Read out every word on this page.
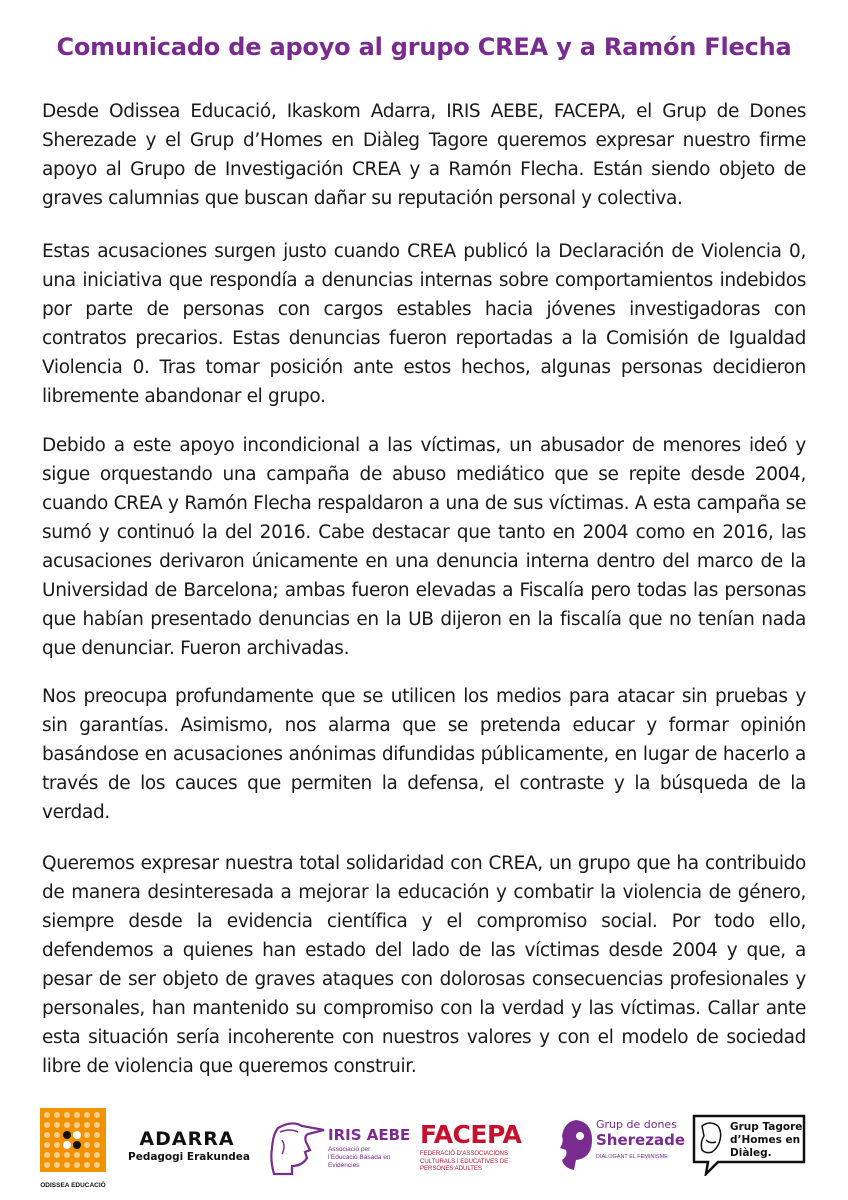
Comunicado de apoyo al grupo CREA y a Ramón Flecha

Desde Odissea Educació, Ikaskom Adarra, IRIS AEBE, FACEPA, el Grup de Dones Sherezade y el Grup d’Homes en Diàleg Tagore queremos expresar nuestro firme apoyo al Grupo de Investigación CREA y a Ramón Flecha. Están siendo objeto de graves calumnias que buscan dañar su reputación personal y colectiva.

Estas acusaciones surgen justo cuando CREA publicó la Declaración de Violencia 0, una iniciativa que respondía a denuncias internas sobre comportamientos indebidos por parte de personas con cargos estables hacia jóvenes investigadoras con contratos precarios. Estas denuncias fueron reportadas a la Comisión de Igualdad Violencia 0. Tras tomar posición ante estos hechos, algunas personas decidieron libremente abandonar el grupo.

Debido a este apoyo incondicional a las víctimas, un abusador de menores ideó y sigue orquestando una campaña de abuso mediático que se repite desde 2004, cuando CREA y Ramón Flecha respaldaron a una de sus víctimas. A esta campaña se sumó y continuó la del 2016. Cabe destacar que tanto en 2004 como en 2016, las acusaciones derivaron únicamente en una denuncia interna dentro del marco de la Universidad de Barcelona; ambas fueron elevadas a Fiscalía pero todas las personas que habían presentado denuncias en la UB dijeron en la fiscalía que no tenían nada que denunciar. Fueron archivadas.

Nos preocupa profundamente que se utilicen los medios para atacar sin pruebas y sin garantías. Asimismo, nos alarma que se pretenda educar y formar opinión basándose en acusaciones anónimas difundidas públicamente, en lugar de hacerlo a través de los cauces que permiten la defensa, el contraste y la búsqueda de la verdad.

Queremos expresar nuestra total solidaridad con CREA, un grupo que ha contribuido de manera desinteresada a mejorar la educación y combatir la violencia de género, siempre desde la evidencia científica y el compromiso social. Por todo ello, defendemos a quienes han estado del lado de las víctimas desde 2004 y que, a pesar de ser objeto de graves ataques con dolorosas consecuencias profesionales y personales, han mantenido su compromiso con la verdad y las víctimas. Callar ante esta situación sería incoherente con nuestros valores y con el modelo de sociedad libre de violencia que queremos construir.

ODISSEA EDUCACIÓ
ADARRA
Pedagogi Erakundea
IRIS AEBE
Associació per l’Educació Basada en Evidències
FACEPA
FEDERACIÓ D’ASSOCIACIONS CULTURALS I EDUCATIVES DE PERSONES ADULTES
Grup de dones
Sherezade
DIALOGANT EL FEMINISME
Grup Tagore
d’Homes en
Diàleg.
